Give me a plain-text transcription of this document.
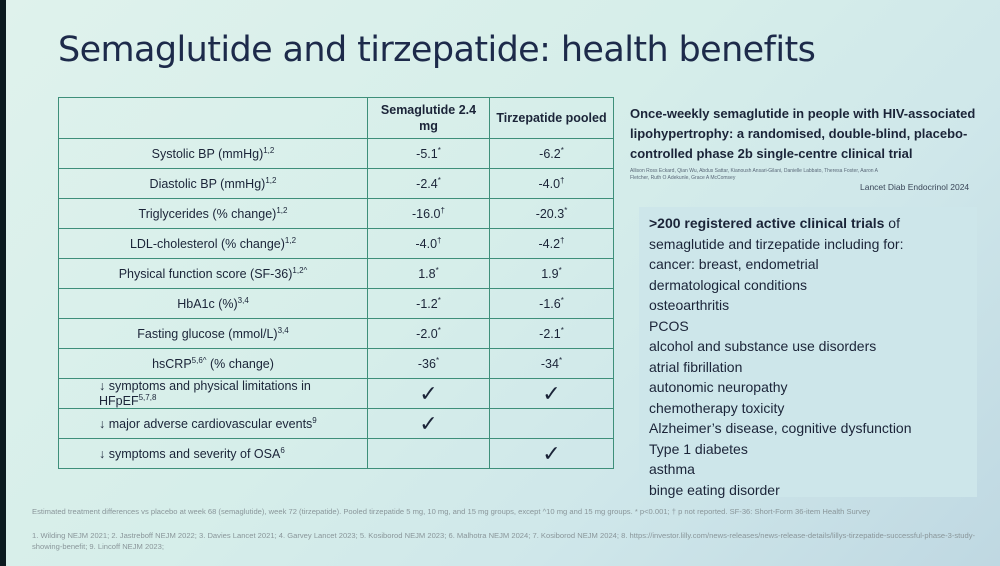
Semaglutide and tirzepatide: health benefits
	Semaglutide 2.4 mg	Tirzepatide pooled
Systolic BP (mmHg)$^{1,2}$	-5.1*	-6.2*
Diastolic BP (mmHg)$^{1,2}$	-2.4*	-4.0†
Triglycerides (% change)$^{1,2}$	-16.0†	-20.3*
LDL-cholesterol (% change)$^{1,2}$	-4.0†	-4.2†
Physical function score $(SF-36)^{1,2\^{}}$	1.8*	1.9*
HbA1c (%)$^{3,4}$	-1.2*	-1.6*
Fasting glucose (mmol/L)$^{3,4}$	-2.0*	-2.1*
hsCRP$^{5,6\^{}}$ (% change)	-36*	-34*
↓ symptoms and physical limitations in HFpEF$^{5,7,8}$	✓	✓
↓ major adverse cardiovascular events$^9$	✓	
↓ symptoms and severity of OSA$^6$		✓
Once-weekly semaglutide in people with HIV-associated lipohypertrophy: a randomised, double-blind, placebo-controlled phase 2b single-centre clinical trial
Allison Ross Eckard, Qian Wu, Abdus Sattar, Kianoush Ansari-Gilani, Danielle Labbato, Theresa Foster, Aaron A Fletcher, Ruth O Adekunle, Grace A McComsey
Lancet Diab Endocrinol 2024
>200 registered active clinical trials of semaglutide and tirzepatide including for:
cancer: breast, endometrial
dermatological conditions
osteoarthritis
PCOS
alcohol and substance use disorders
atrial fibrillation
autonomic neuropathy
chemotherapy toxicity
Alzheimer’s disease, cognitive dysfunction
Type 1 diabetes
asthma
binge eating disorder
Estimated treatment differences vs placebo at week 68 (semaglutide), week 72 (tirzepatide). Pooled tirzepatide 5 mg, 10 mg, and 15 mg groups, except ^10 mg and 15 mg groups. * p<0.001; † p not reported. SF-36: Short-Form 36-item Health Survey
1. Wilding NEJM 2021; 2. Jastreboff NEJM 2022; 3. Davies Lancet 2021; 4. Garvey Lancet 2023; 5. Kosiborod NEJM 2023; 6. Malhotra NEJM 2024; 7. Kosiborod NEJM 2024; 8. https://investor.lilly.com/news-releases/news-release-details/lillys-tirzepatide-successful-phase-3-study-showing-benefit; 9. Lincoff NEJM 2023;
